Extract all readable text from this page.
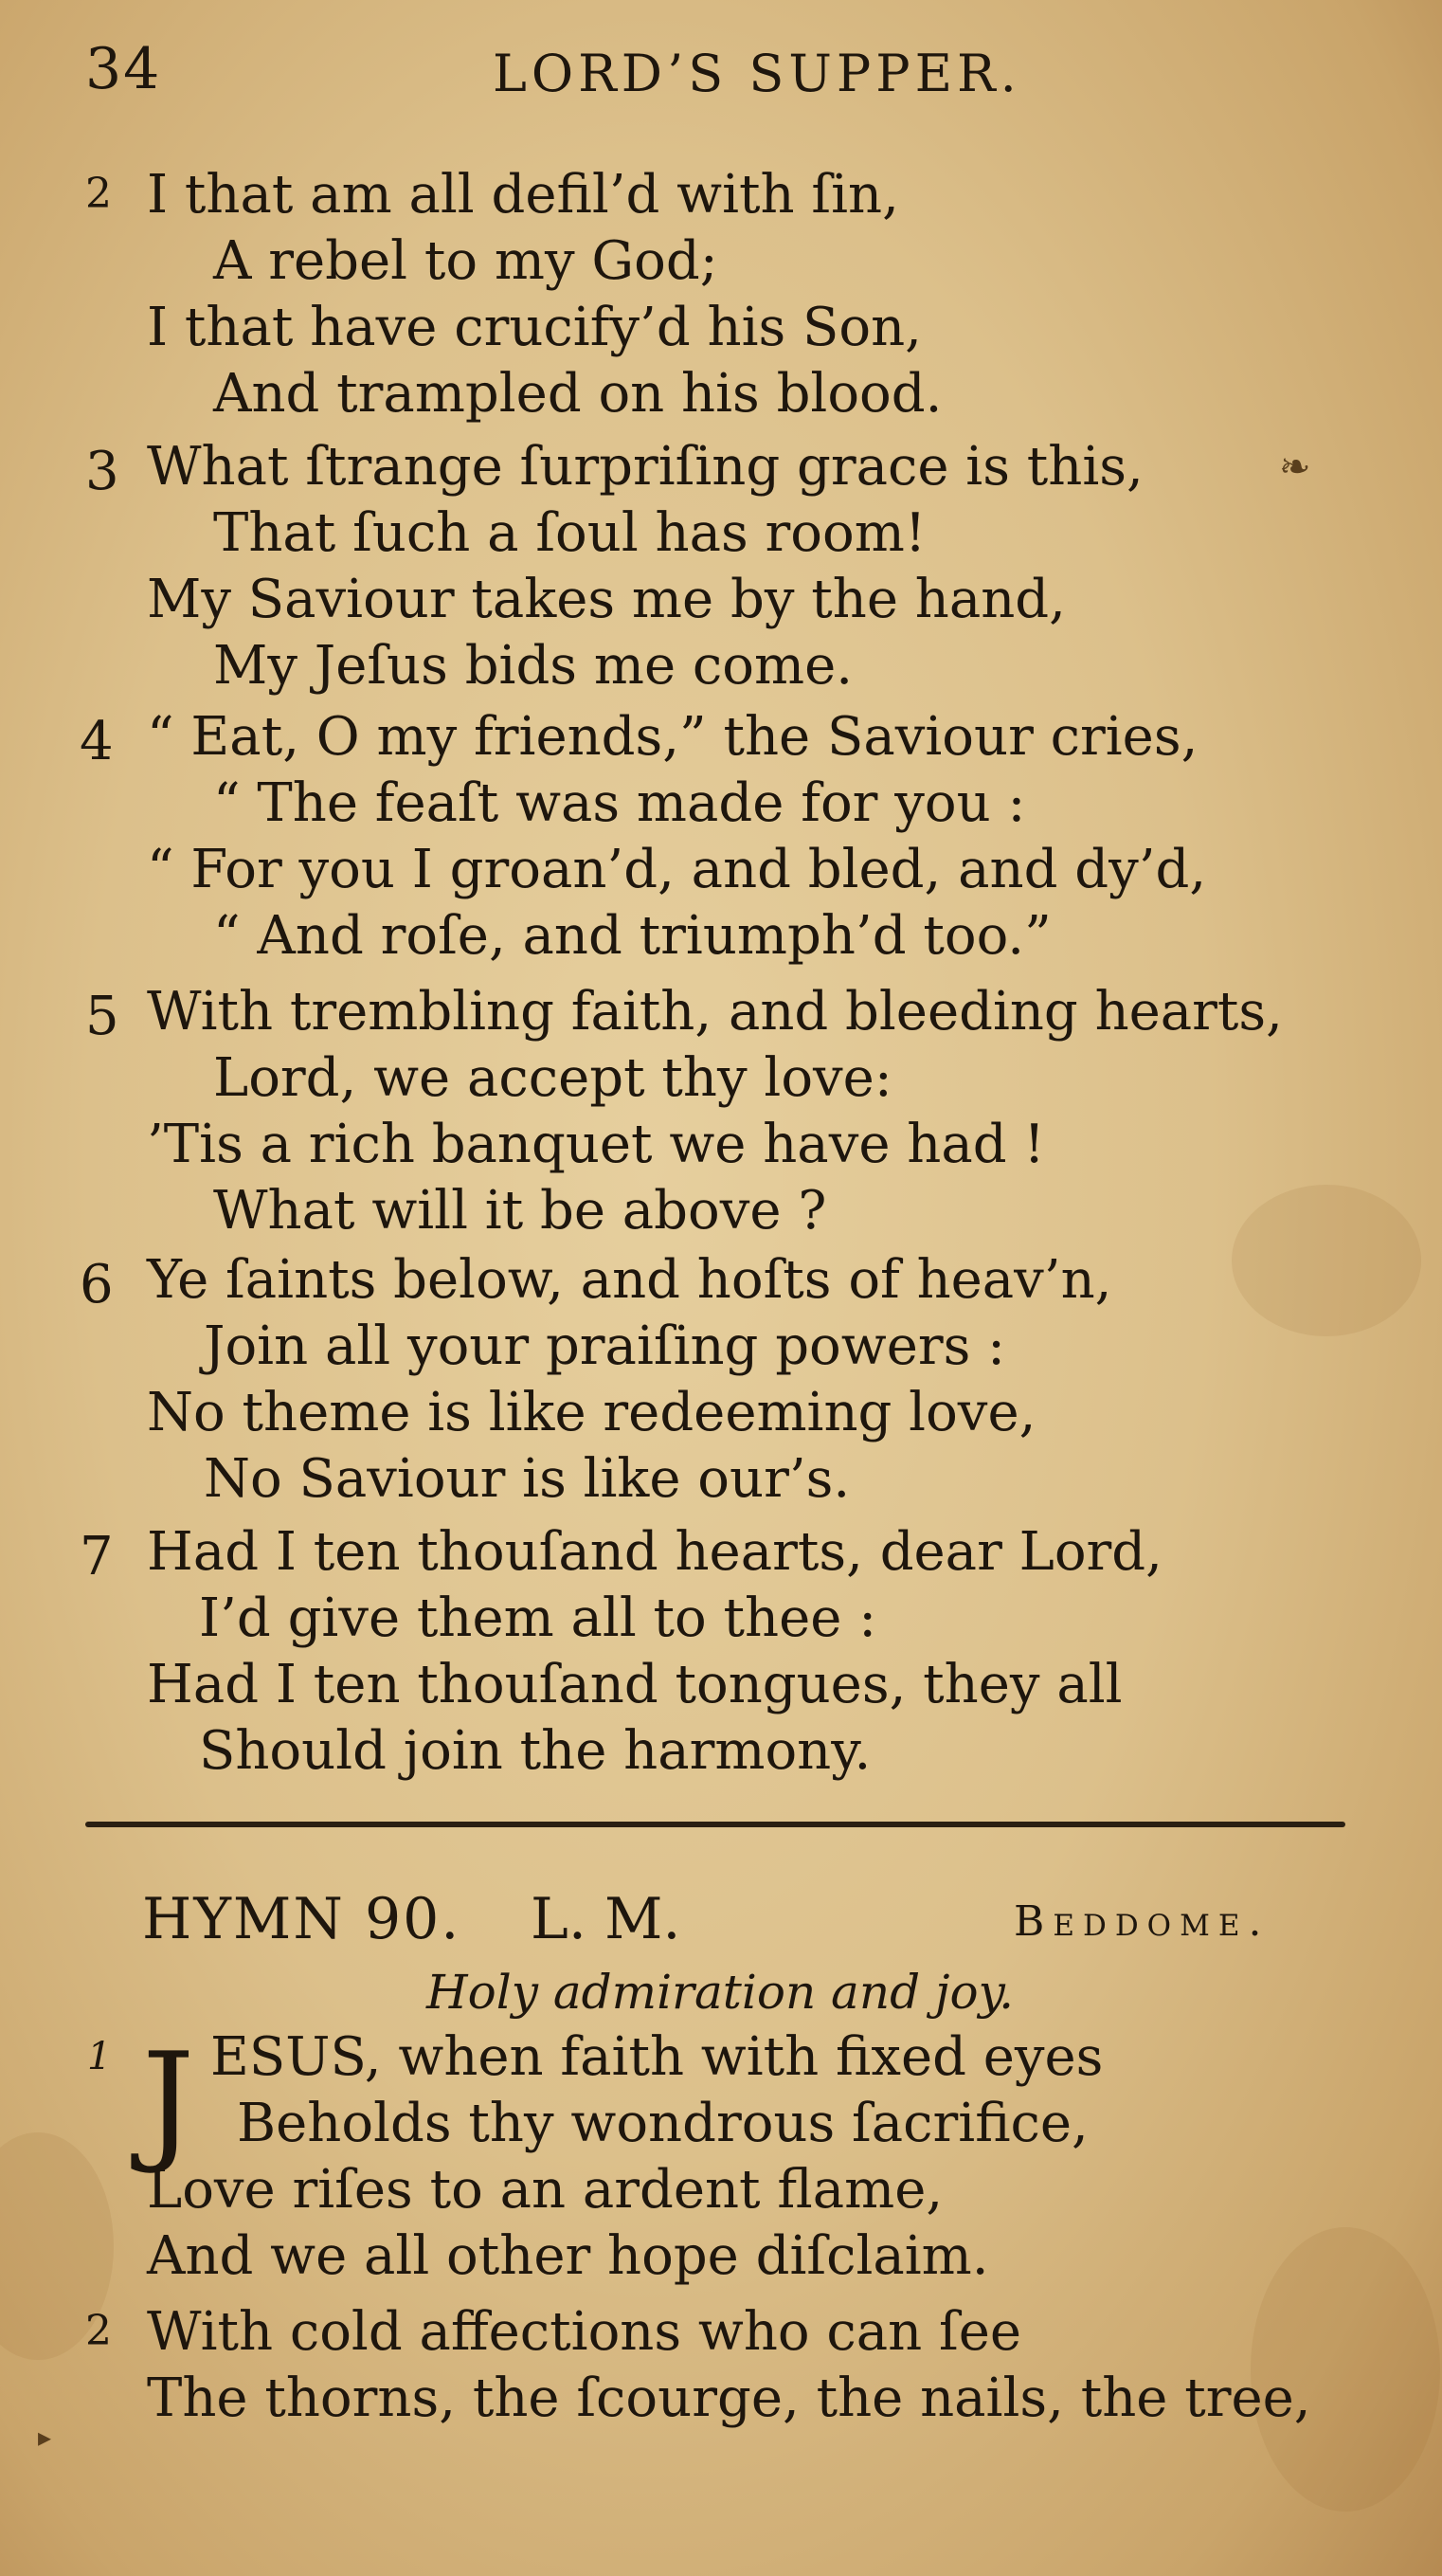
❧
▸
34	LORD’S SUPPER.
2 I that am all defil’d with ſin,
A rebel to my God;
I that have crucify’d his Son,
And trampled on his blood.
3 What ſtrange ſurpriſing grace is this,
That ſuch a ſoul has room!
My Saviour takes me by the hand,
My Jeſus bids me come.
4 “ Eat, O my friends,” the Saviour cries,
“ The feaſt was made for you :
“ For you I groan’d, and bled, and dy’d,
“ And roſe, and triumph’d too.”
5 With trembling faith, and bleeding hearts,
Lord, we accept thy love:
’Tis a rich banquet we have had !
What will it be above ?
6 Ye ſaints below, and hoſts of heav’n,
Join all your praiſing powers :
No theme is like redeeming love,
No Saviour is like our’s.
7 Had I ten thouſand hearts, dear Lord,
I’d give them all to thee :
Had I ten thouſand tongues, they all
Should join the harmony.
HYMN 90. L. M.	Beddome.
Holy admiration and joy.
1 J ESUS, when faith with fixed eyes
Beholds thy wondrous ſacrifice,
Love riſes to an ardent flame,
And we all other hope diſclaim.
2 With cold affections who can ſee
The thorns, the ſcourge, the nails, the tree,
